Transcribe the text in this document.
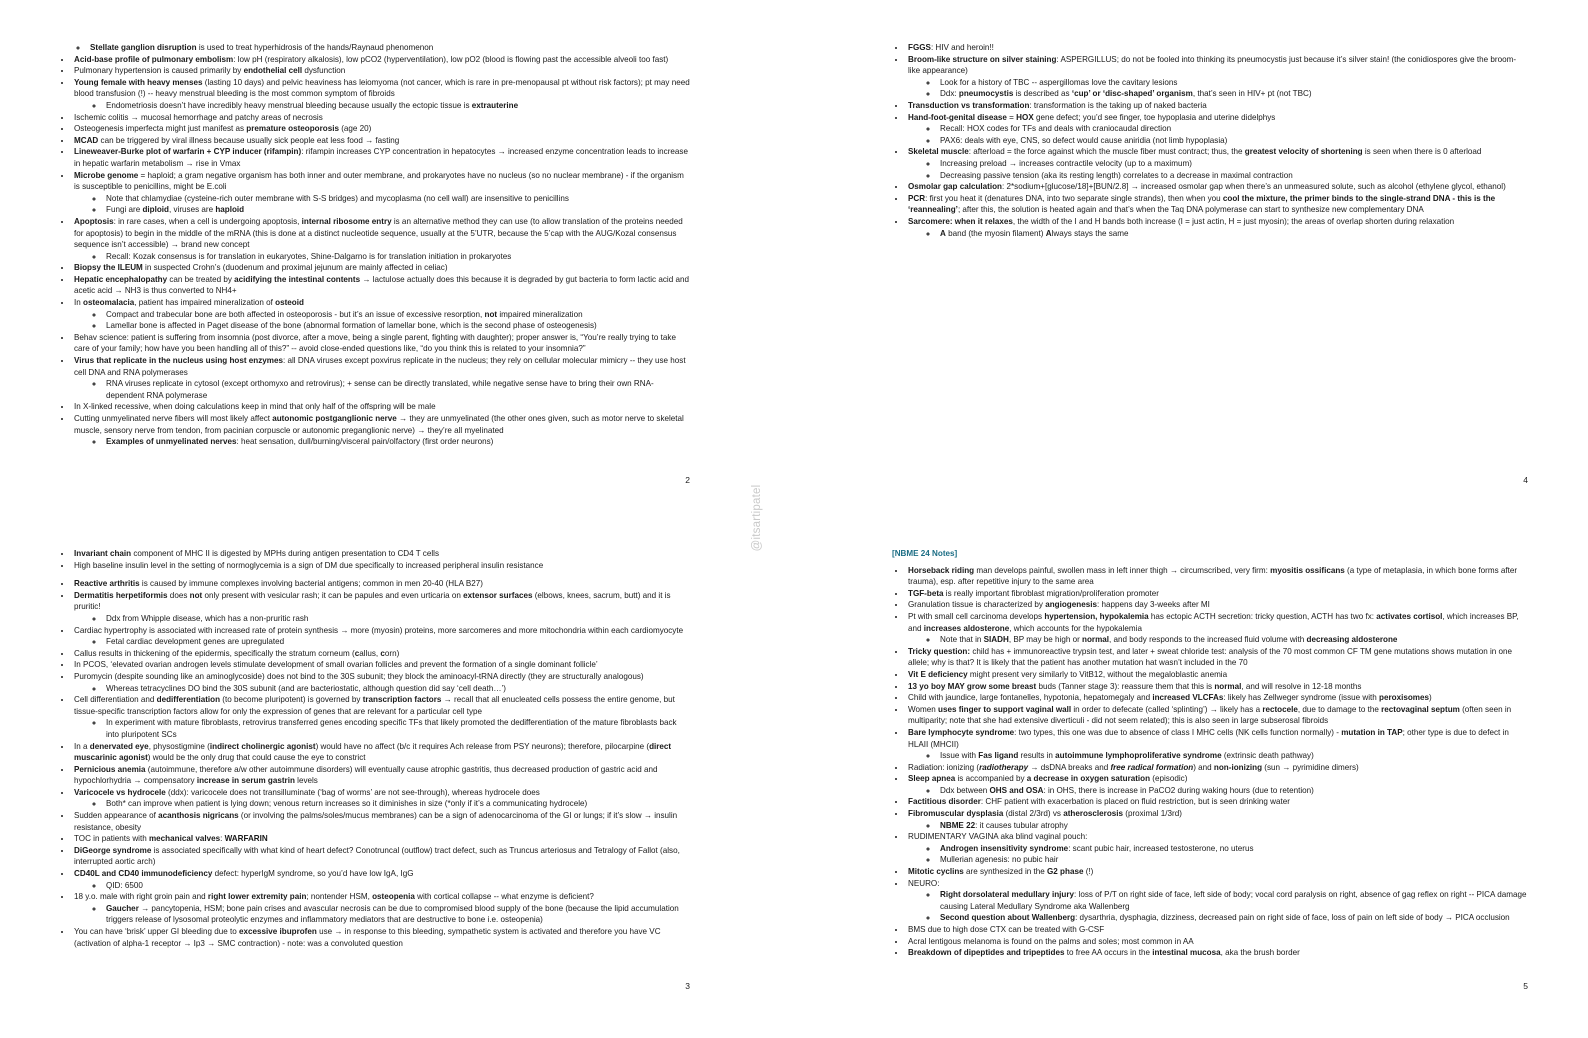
◦ Stellate ganglion disruption is used to treat hyperhidrosis of the hands/Raynaud phenomenon
• Acid-base profile of pulmonary embolism: low pH (respiratory alkalosis), low pCO2 (hyperventilation), low pO2 (blood is flowing past the accessible alveoli too fast)
• Pulmonary hypertension is caused primarily by endothelial cell dysfunction
• Young female with heavy menses (lasting 10 days) and pelvic heaviness has leiomyoma (not cancer, which is rare in pre-menopausal pt without risk factors); pt may need blood transfusion (!) -- heavy menstrual bleeding is the most common symptom of fibroids
◦ Endometriosis doesn’t have incredibly heavy menstrual bleeding because usually the ectopic tissue is extrauterine
• Ischemic colitis → mucosal hemorrhage and patchy areas of necrosis
• Osteogenesis imperfecta might just manifest as premature osteoporosis (age 20)
• MCAD can be triggered by viral illness because usually sick people eat less food → fasting
• Lineweaver-Burke plot of warfarin + CYP inducer (rifampin): rifampin increases CYP concentration in hepatocytes → increased enzyme concentration leads to increase in hepatic warfarin metabolism → rise in Vmax
• Microbe genome = haploid; a gram negative organism has both inner and outer membrane, and prokaryotes have no nucleus (so no nuclear membrane) - if the organism is susceptible to penicillins, might be E.coli
◦ Note that chlamydiae (cysteine-rich outer membrane with S-S bridges) and mycoplasma (no cell wall) are insensitive to penicillins
◦ Fungi are diploid, viruses are haploid
• Apoptosis: in rare cases, when a cell is undergoing apoptosis, internal ribosome entry is an alternative method they can use (to allow translation of the proteins needed for apoptosis) to begin in the middle of the mRNA (this is done at a distinct nucleotide sequence, usually at the 5’UTR, because the 5’cap with the AUG/Kozal consensus sequence isn’t accessible) → brand new concept
◦ Recall: Kozak consensus is for translation in eukaryotes, Shine-Dalgarno is for translation initiation in prokaryotes
• Biopsy the ILEUM in suspected Crohn’s (duodenum and proximal jejunum are mainly affected in celiac)
• Hepatic encephalopathy can be treated by acidifying the intestinal contents → lactulose actually does this because it is degraded by gut bacteria to form lactic acid and acetic acid → NH3 is thus converted to NH4+
• In osteomalacia, patient has impaired mineralization of osteoid
◦ Compact and trabecular bone are both affected in osteoporosis - but it’s an issue of excessive resorption, not impaired mineralization
◦ Lamellar bone is affected in Paget disease of the bone (abnormal formation of lamellar bone, which is the second phase of osteogenesis)
• Behav science: patient is suffering from insomnia (post divorce, after a move, being a single parent, fighting with daughter); proper answer is, “You’re really trying to take care of your family; how have you been handling all of this?” -- avoid close-ended questions like, “do you think this is related to your insomnia?”
• Virus that replicate in the nucleus using host enzymes: all DNA viruses except poxvirus replicate in the nucleus; they rely on cellular molecular mimicry -- they use host cell DNA and RNA polymerases
◦ RNA viruses replicate in cytosol (except orthomyxo and retrovirus); + sense can be directly translated, while negative sense have to bring their own RNA-dependent RNA polymerase
• In X-linked recessive, when doing calculations keep in mind that only half of the offspring will be male
• Cutting unmyelinated nerve fibers will most likely affect autonomic postganglionic nerve → they are unmyelinated (the other ones given, such as motor nerve to skeletal muscle, sensory nerve from tendon, from pacinian corpuscle or autonomic preganglionic nerve) → they’re all myelinated
◦ Examples of unmyelinated nerves: heat sensation, dull/burning/visceral pain/olfactory (first order neurons)
2
• Invariant chain component of MHC II is digested by MPHs during antigen presentation to CD4 T cells
• High baseline insulin level in the setting of normoglycemia is a sign of DM due specifically to increased peripheral insulin resistance
• Reactive arthritis is caused by immune complexes involving bacterial antigens; common in men 20-40 (HLA B27)
• Dermatitis herpetiformis does not only present with vesicular rash; it can be papules and even urticaria on extensor surfaces (elbows, knees, sacrum, butt) and it is pruritic!
◦ Ddx from Whipple disease, which has a non-pruritic rash
• Cardiac hypertrophy is associated with increased rate of protein synthesis → more (myosin) proteins, more sarcomeres and more mitochondria within each cardiomyocyte
◦ Fetal cardiac development genes are upregulated
• Callus results in thickening of the epidermis, specifically the stratum corneum (callus, corn)
• In PCOS, ‘elevated ovarian androgen levels stimulate development of small ovarian follicles and prevent the formation of a single dominant follicle’
• Puromycin (despite sounding like an aminoglycoside) does not bind to the 30S subunit; they block the aminoacyl-tRNA directly (they are structurally analogous)
◦ Whereas tetracyclines DO bind the 30S subunit (and are bacteriostatic, although question did say ‘cell death…’)
• Cell differentiation and dedifferentiation (to become pluripotent) is governed by transcription factors → recall that all enucleated cells possess the entire genome, but tissue-specific transcription factors allow for only the expression of genes that are relevant for a particular cell type
◦ In experiment with mature fibroblasts, retrovirus transferred genes encoding specific TFs that likely promoted the dedifferentiation of the mature fibroblasts back into pluripotent SCs
• In a denervated eye, physostigmine (indirect cholinergic agonist) would have no affect (b/c it requires Ach release from PSY neurons); therefore, pilocarpine (direct muscarinic agonist) would be the only drug that could cause the eye to constrict
• Pernicious anemia (autoimmune, therefore a/w other autoimmune disorders) will eventually cause atrophic gastritis, thus decreased production of gastric acid and hypochlorhydria → compensatory increase in serum gastrin levels
• Varicocele vs hydrocele (ddx): varicocele does not transilluminate (‘bag of worms’ are not see-through), whereas hydrocele does
◦ Both* can improve when patient is lying down; venous return increases so it diminishes in size (*only if it’s a communicating hydrocele)
• Sudden appearance of acanthosis nigricans (or involving the palms/soles/mucus membranes) can be a sign of adenocarcinoma of the GI or lungs; if it’s slow → insulin resistance, obesity
• TOC in patients with mechanical valves: WARFARIN
• DiGeorge syndrome is associated specifically with what kind of heart defect? Conotruncal (outflow) tract defect, such as Truncus arteriosus and Tetralogy of Fallot (also, interrupted aortic arch)
• CD40L and CD40 immunodeficiency defect: hyperIgM syndrome, so you’d have low IgA, IgG
◦ QID: 6500
• 18 y.o. male with right groin pain and right lower extremity pain; nontender HSM, osteopenia with cortical collapse -- what enzyme is deficient?
◦ Gaucher → pancytopenia, HSM; bone pain crises and avascular necrosis can be due to compromised blood supply of the bone (because the lipid accumulation triggers release of lysosomal proteolytic enzymes and inflammatory mediators that are destructive to bone i.e. osteopenia)
• You can have ‘brisk’ upper GI bleeding due to excessive ibuprofen use → in response to this bleeding, sympathetic system is activated and therefore you have VC (activation of alpha-1 receptor → Ip3 → SMC contraction) - note: was a convoluted question
3
• FGGS: HIV and heroin!!
• Broom-like structure on silver staining: ASPERGILLUS; do not be fooled into thinking its pneumocystis just because it’s silver stain! (the conidiospores give the broom-like appearance)
◦ Look for a history of TBC -- aspergillomas love the cavitary lesions
◦ Ddx: pneumocystis is described as ‘cup’ or ‘disc-shaped’ organism, that’s seen in HIV+ pt (not TBC)
• Transduction vs transformation: transformation is the taking up of naked bacteria
• Hand-foot-genital disease = HOX gene defect; you’d see finger, toe hypoplasia and uterine didelphys
◦ Recall: HOX codes for TFs and deals with craniocaudal direction
◦ PAX6: deals with eye, CNS, so defect would cause aniridia (not limb hypoplasia)
• Skeletal muscle: afterload = the force against which the muscle fiber must contract; thus, the greatest velocity of shortening is seen when there is 0 afterload
◦ Increasing preload → increases contractile velocity (up to a maximum)
◦ Decreasing passive tension (aka its resting length) correlates to a decrease in maximal contraction
• Osmolar gap calculation: 2*sodium+[glucose/18]+[BUN/2.8] → increased osmolar gap when there’s an unmeasured solute, such as alcohol (ethylene glycol, ethanol)
• PCR: first you heat it (denatures DNA, into two separate single strands), then when you cool the mixture, the primer binds to the single-strand DNA - this is the ‘reannealing’; after this, the solution is heated again and that’s when the Taq DNA polymerase can start to synthesize new complementary DNA
• Sarcomere: when it relaxes, the width of the I and H bands both increase (I = just actin, H = just myosin); the areas of overlap shorten during relaxation
◦ A band (the myosin filament) Always stays the same
4
[NBME 24 Notes]
• Horseback riding man develops painful, swollen mass in left inner thigh → circumscribed, very firm: myositis ossificans (a type of metaplasia, in which bone forms after trauma), esp. after repetitive injury to the same area
• TGF-beta is really important fibroblast migration/proliferation promoter
• Granulation tissue is characterized by angiogenesis: happens day 3-weeks after MI
• Pt with small cell carcinoma develops hypertension, hypokalemia has ectopic ACTH secretion: tricky question, ACTH has two fx: activates cortisol, which increases BP, and increases aldosterone, which accounts for the hypokalemia
◦ Note that in SIADH, BP may be high or normal, and body responds to the increased fluid volume with decreasing aldosterone
• Tricky question: child has + immunoreactive trypsin test, and later + sweat chloride test: analysis of the 70 most common CF TM gene mutations shows mutation in one allele; why is that? It is likely that the patient has another mutation hat wasn’t included in the 70
• Vit E deficiency might present very similarly to VitB12, without the megaloblastic anemia
• 13 yo boy MAY grow some breast buds (Tanner stage 3): reassure them that this is normal, and will resolve in 12-18 months
• Child with jaundice, large fontanelles, hypotonia, hepatomegaly and increased VLCFAs: likely has Zellweger syndrome (issue with peroxisomes)
• Women uses finger to support vaginal wall in order to defecate (called ‘splinting’) → likely has a rectocele, due to damage to the rectovaginal septum (often seen in multiparity; note that she had extensive diverticuli - did not seem related); this is also seen in large subserosal fibroids
• Bare lymphocyte syndrome: two types, this one was due to absence of class I MHC cells (NK cells function normally) - mutation in TAP; other type is due to defect in HLAII (MHCII)
◦ Issue with Fas ligand results in autoimmune lymphoproliferative syndrome (extrinsic death pathway)
• Radiation: ionizing (radiotherapy → dsDNA breaks and free radical formation) and non-ionizing (sun → pyrimidine dimers)
• Sleep apnea is accompanied by a decrease in oxygen saturation (episodic)
◦ Ddx between OHS and OSA: in OHS, there is increase in PaCO2 during waking hours (due to retention)
• Factitious disorder: CHF patient with exacerbation is placed on fluid restriction, but is seen drinking water
• Fibromuscular dysplasia (distal 2/3rd) vs atherosclerosis (proximal 1/3rd)
◦ NBME 22: it causes tubular atrophy
• RUDIMENTARY VAGINA aka blind vaginal pouch:
◦ Androgen insensitivity syndrome: scant pubic hair, increased testosterone, no uterus
◦ Mullerian agenesis: no pubic hair
• Mitotic cyclins are synthesized in the G2 phase (!)
• NEURO:
◦ Right dorsolateral medullary injury: loss of P/T on right side of face, left side of body; vocal cord paralysis on right, absence of gag reflex on right -- PICA damage causing Lateral Medullary Syndrome aka Wallenberg
◦ Second question about Wallenberg: dysarthria, dysphagia, dizziness, decreased pain on right side of face, loss of pain on left side of body → PICA occlusion
• BMS due to high dose CTX can be treated with G-CSF
• Acral lentigous melanoma is found on the palms and soles; most common in AA
• Breakdown of dipeptides and tripeptides to free AA occurs in the intestinal mucosa, aka the brush border
5
@itsartipatel
